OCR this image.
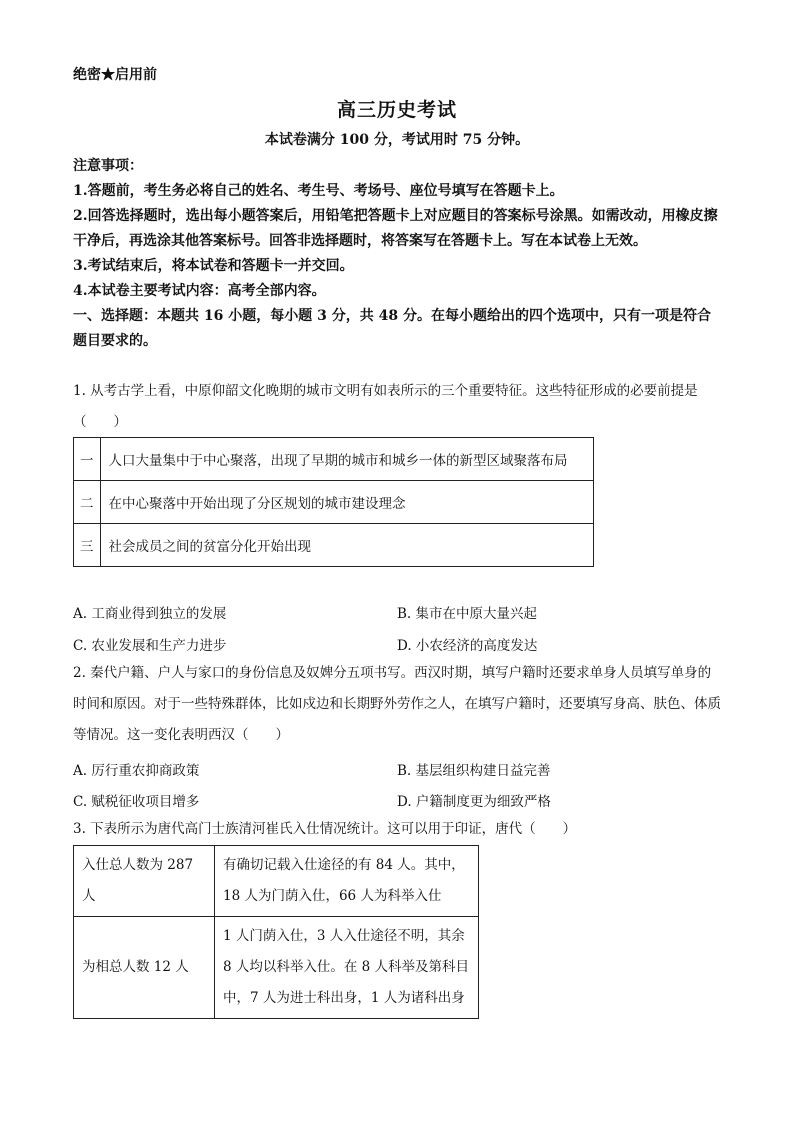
绝密★启用前
高三历史考试
本试卷满分 100 分，考试用时 75 分钟。
注意事项：
1.答题前，考生务必将自己的姓名、考生号、考场号、座位号填写在答题卡上。
2.回答选择题时，选出每小题答案后，用铅笔把答题卡上对应题目的答案标号涂黑。如需改动，用橡皮擦干净后，再选涂其他答案标号。回答非选择题时，将答案写在答题卡上。写在本试卷上无效。
3.考试结束后，将本试卷和答题卡一并交回。
4.本试卷主要考试内容：高考全部内容。
一、选择题：本题共 16 小题，每小题 3 分，共 48 分。在每小题给出的四个选项中，只有一项是符合题目要求的。
1. 从考古学上看，中原仰韶文化晚期的城市文明有如表所示的三个重要特征。这些特征形成的必要前提是（　　）
一	人口大量集中于中心聚落，出现了早期的城市和城乡一体的新型区域聚落布局
二	在中心聚落中开始出现了分区规划的城市建设理念
三	社会成员之间的贫富分化开始出现
A. 工商业得到独立的发展	B. 集市在中原大量兴起
C. 农业发展和生产力进步	D. 小农经济的高度发达
2. 秦代户籍、户人与家口的身份信息及奴婢分五项书写。西汉时期，填写户籍时还要求单身人员填写单身的时间和原因。对于一些特殊群体，比如戍边和长期野外劳作之人，在填写户籍时，还要填写身高、肤色、体质等情况。这一变化表明西汉（　　）
A. 厉行重农抑商政策	B. 基层组织构建日益完善
C. 赋税征收项目增多	D. 户籍制度更为细致严格
3. 下表所示为唐代高门士族清河崔氏入仕情况统计。这可以用于印证，唐代（　　）
入仕总人数为 287 人	有确切记载入仕途径的有 84 人。其中，18 人为门荫入仕，66 人为科举入仕
为相总人数 12 人	1 人门荫入仕，3 人入仕途径不明，其余 8 人均以科举入仕。在 8 人科举及第科目中，7 人为进士科出身，1 人为诸科出身
